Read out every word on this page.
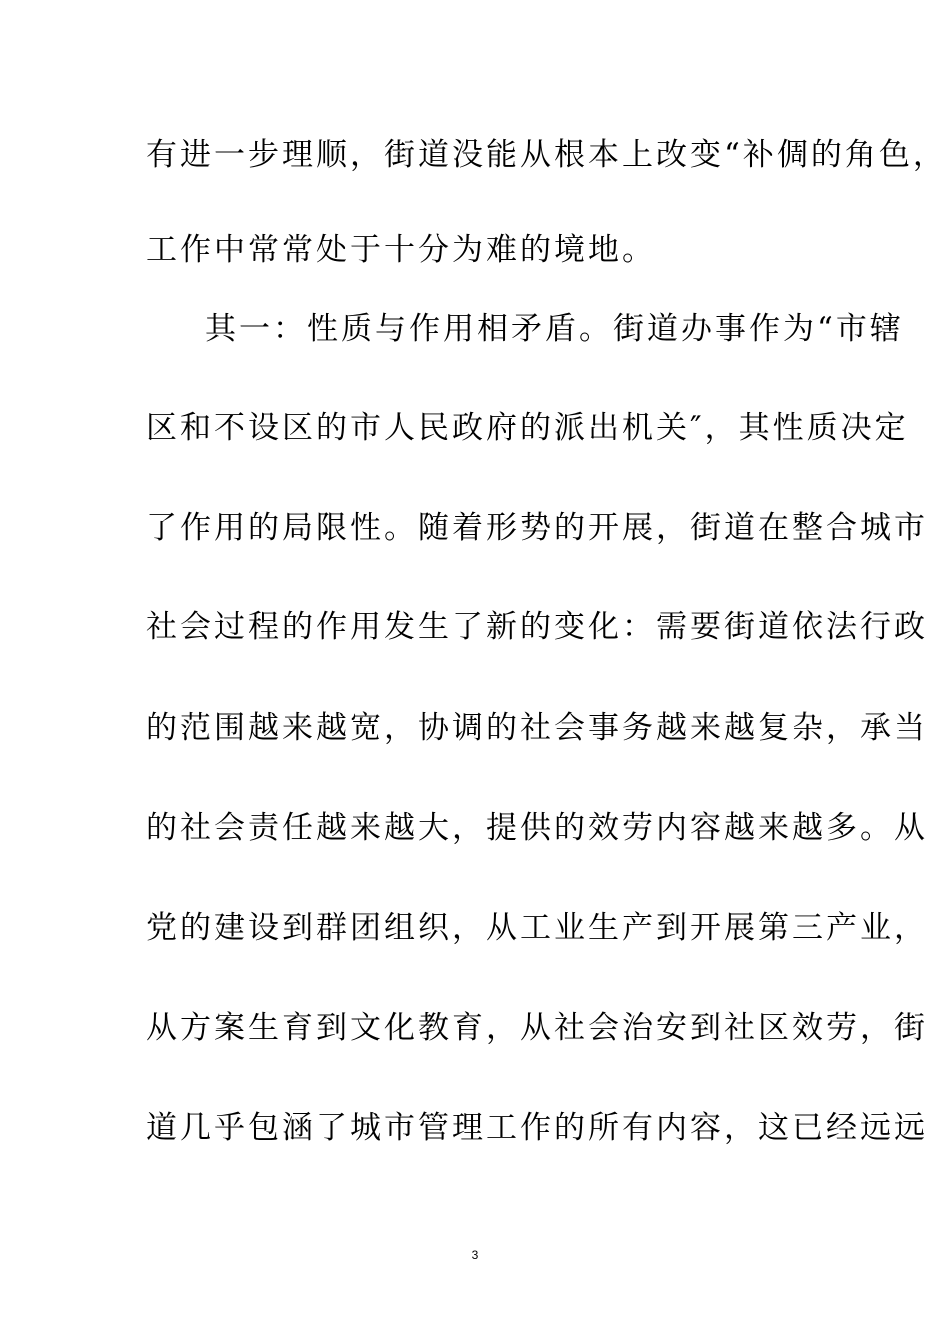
有进一步理顺，街道没能从根本上改变“补倜的角色，
工作中常常处于十分为难的境地。
其一：性质与作用相矛盾。街道办事作为“市辖
区和不设区的市人民政府的派出机关″，其性质决定
了作用的局限性。随着形势的开展，街道在整合城市
社会过程的作用发生了新的变化：需要街道依法行政
的范围越来越宽，协调的社会事务越来越复杂，承当
的社会责任越来越大，提供的效劳内容越来越多。从
党的建设到群团组织，从工业生产到开展第三产业，
从方案生育到文化教育，从社会治安到社区效劳，街
道几乎包涵了城市管理工作的所有内容，这已经远远
3
